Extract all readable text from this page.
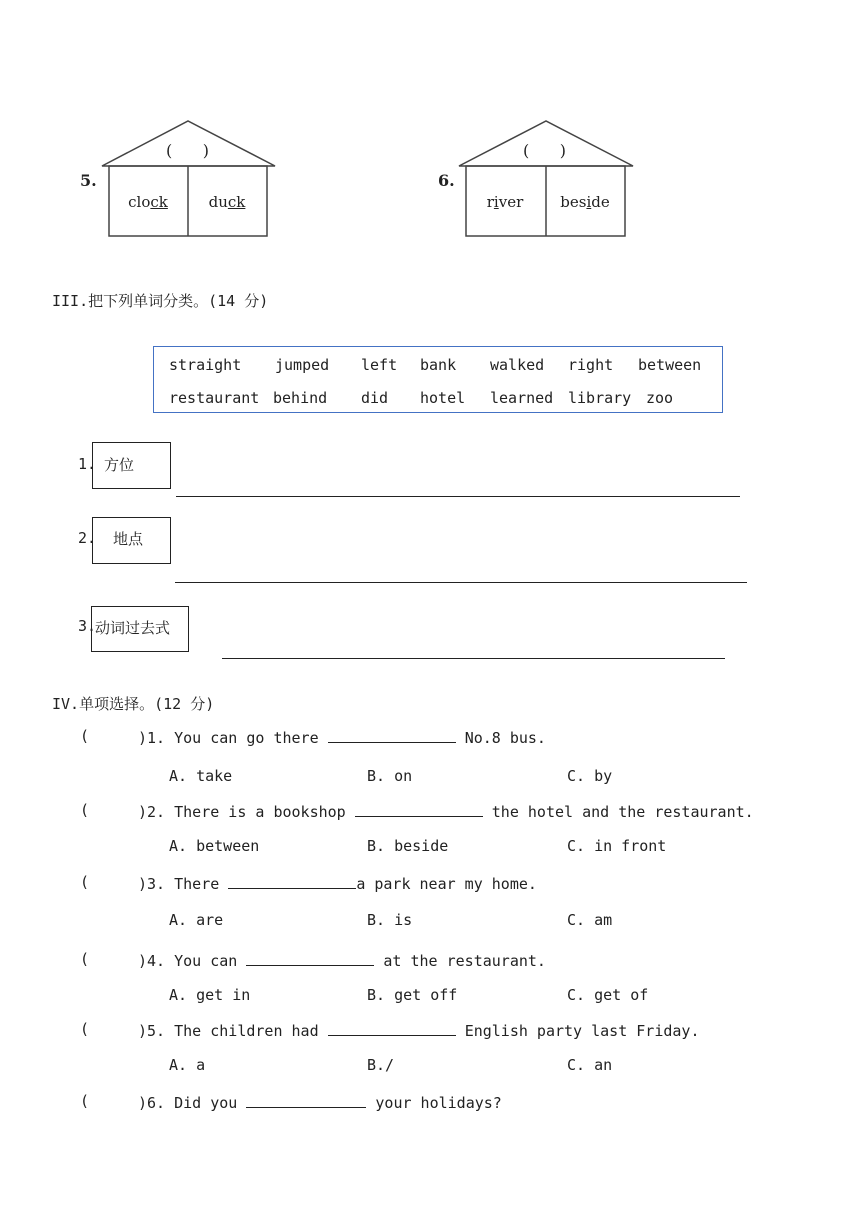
5.
(      )
clock	duck
6.
(      )
river	beside
III.把下列单词分类。(14 分)
straight jumped left bank walked right between
restaurant behind did hotel learned library zoo
1. 方位
2. 地点
3.
动词过去式
IV.单项选择。(12 分)
(	)1. You can go there	No.8 bus.
A. take	B. on	C. by
(	)2. There is a bookshop	the hotel and the restaurant.
A. between	B. beside	C. in front
(	)3. There	a park near my home.
A. are	B. is	C. am
(	)4. You can	at the restaurant.
A. get in	B. get off	C. get of
(	)5. The children had	English party last Friday.
A. a	B./	C. an
(	)6. Did you	your holidays?
